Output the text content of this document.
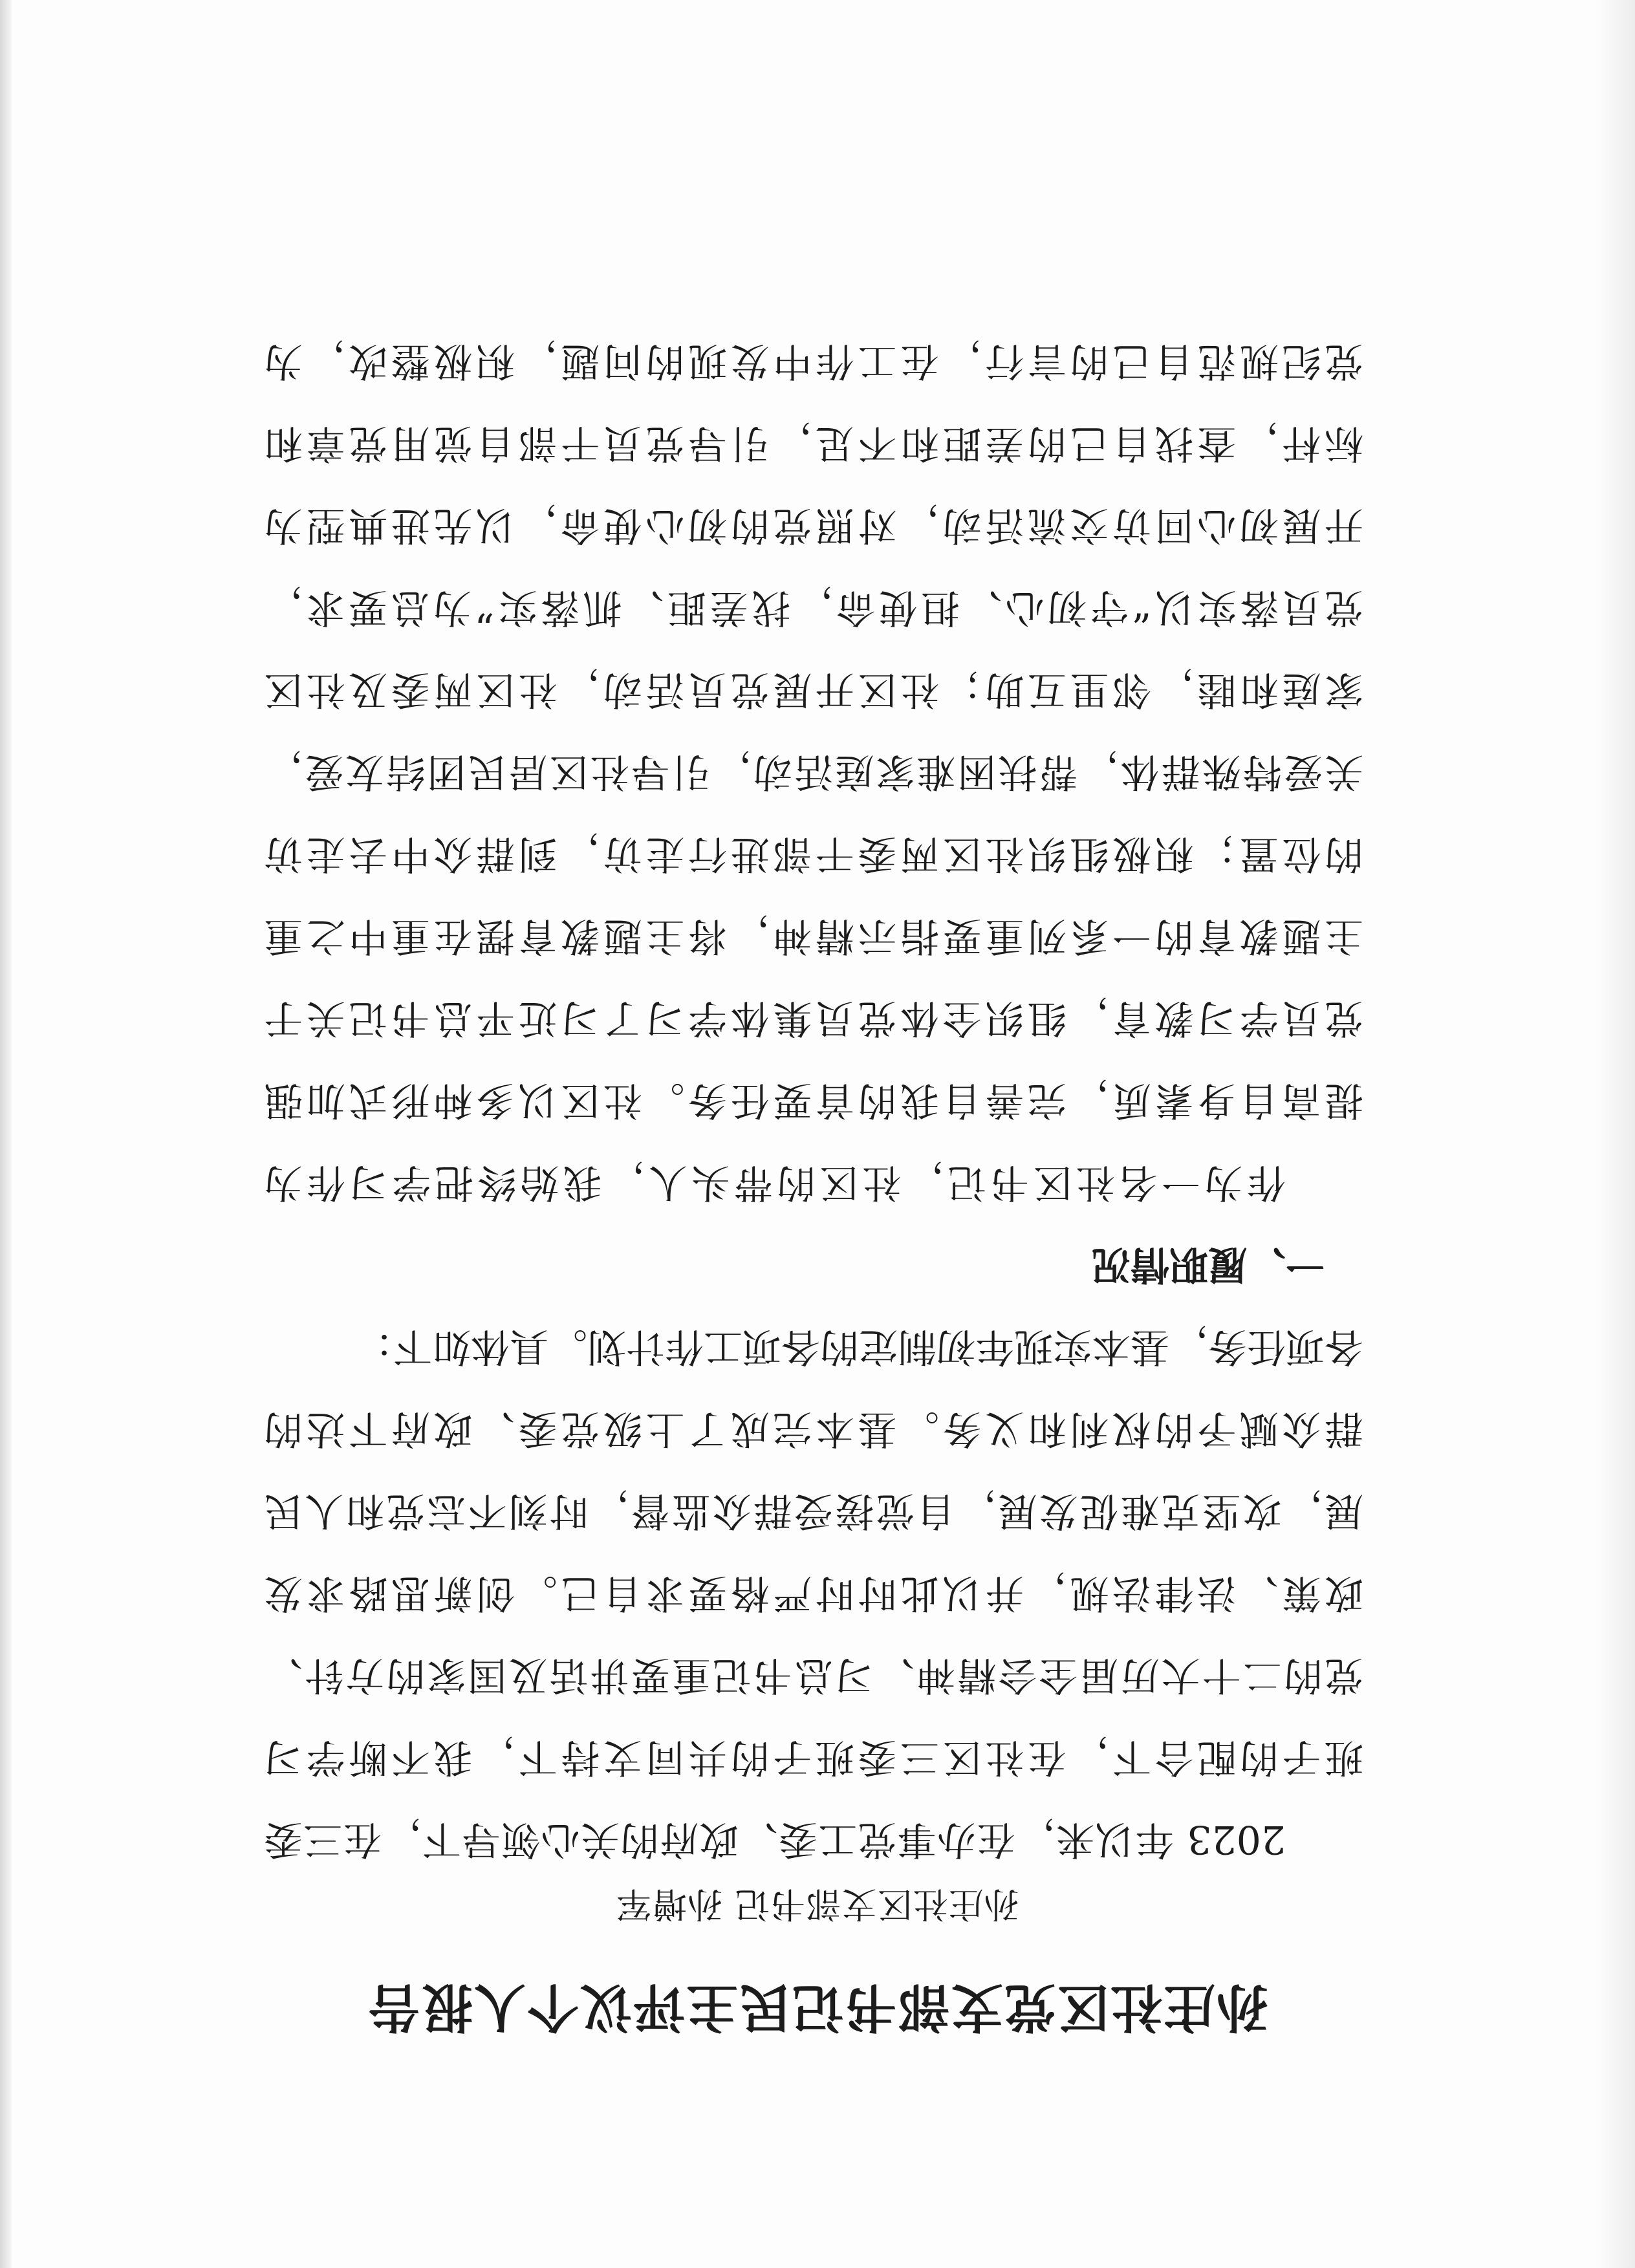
孙庄社区党支部书记民主评议个人报告

孙庄社区支部书记 孙增军

2023 年以来，在办事党工委、政府的关心领导下，在三委
班子的配合下，在社区三委班子的共同支持下，我不断学习
党的二十大历届全会精神、习总书记重要讲话及国家的方针、
政策、法律法规，并以此时时严格要求自己。创新思路求发
展，攻坚克难促发展，自觉接受群众监督，时刻不忘党和人民
群众赋予的权利和义务。基本完成了上级党委、政府下达的
各项任务，基本实现年初制定的各项工作计划。具体如下：
一、履职情况
作为一名社区书记，社区的带头人，我始终把学习作为
提高自身素质，完善自我的首要任务。社区以多种形式加强
党员学习教育，组织全体党员集体学习了习近平总书记关于
主题教育的一系列重要指示精神，将主题教育摆在重中之重
的位置；积极组织社区两委干部进行走访，到群众中去走访
关爱特殊群体，帮扶困难家庭活动，引导社区居民团结友爱，
家庭和睦，邻里互助；社区开展党员活动，社区两委及社区
党员落实以“守初心、担使命，找差距、抓落实”为总要求，
开展初心回访交流活动，对照党的初心使命，以先进典型为
标杆，查找自己的差距和不足，引导党员干部自觉用党章和
党纪规范自己的言行，在工作中发现的问题，积极整改，为
